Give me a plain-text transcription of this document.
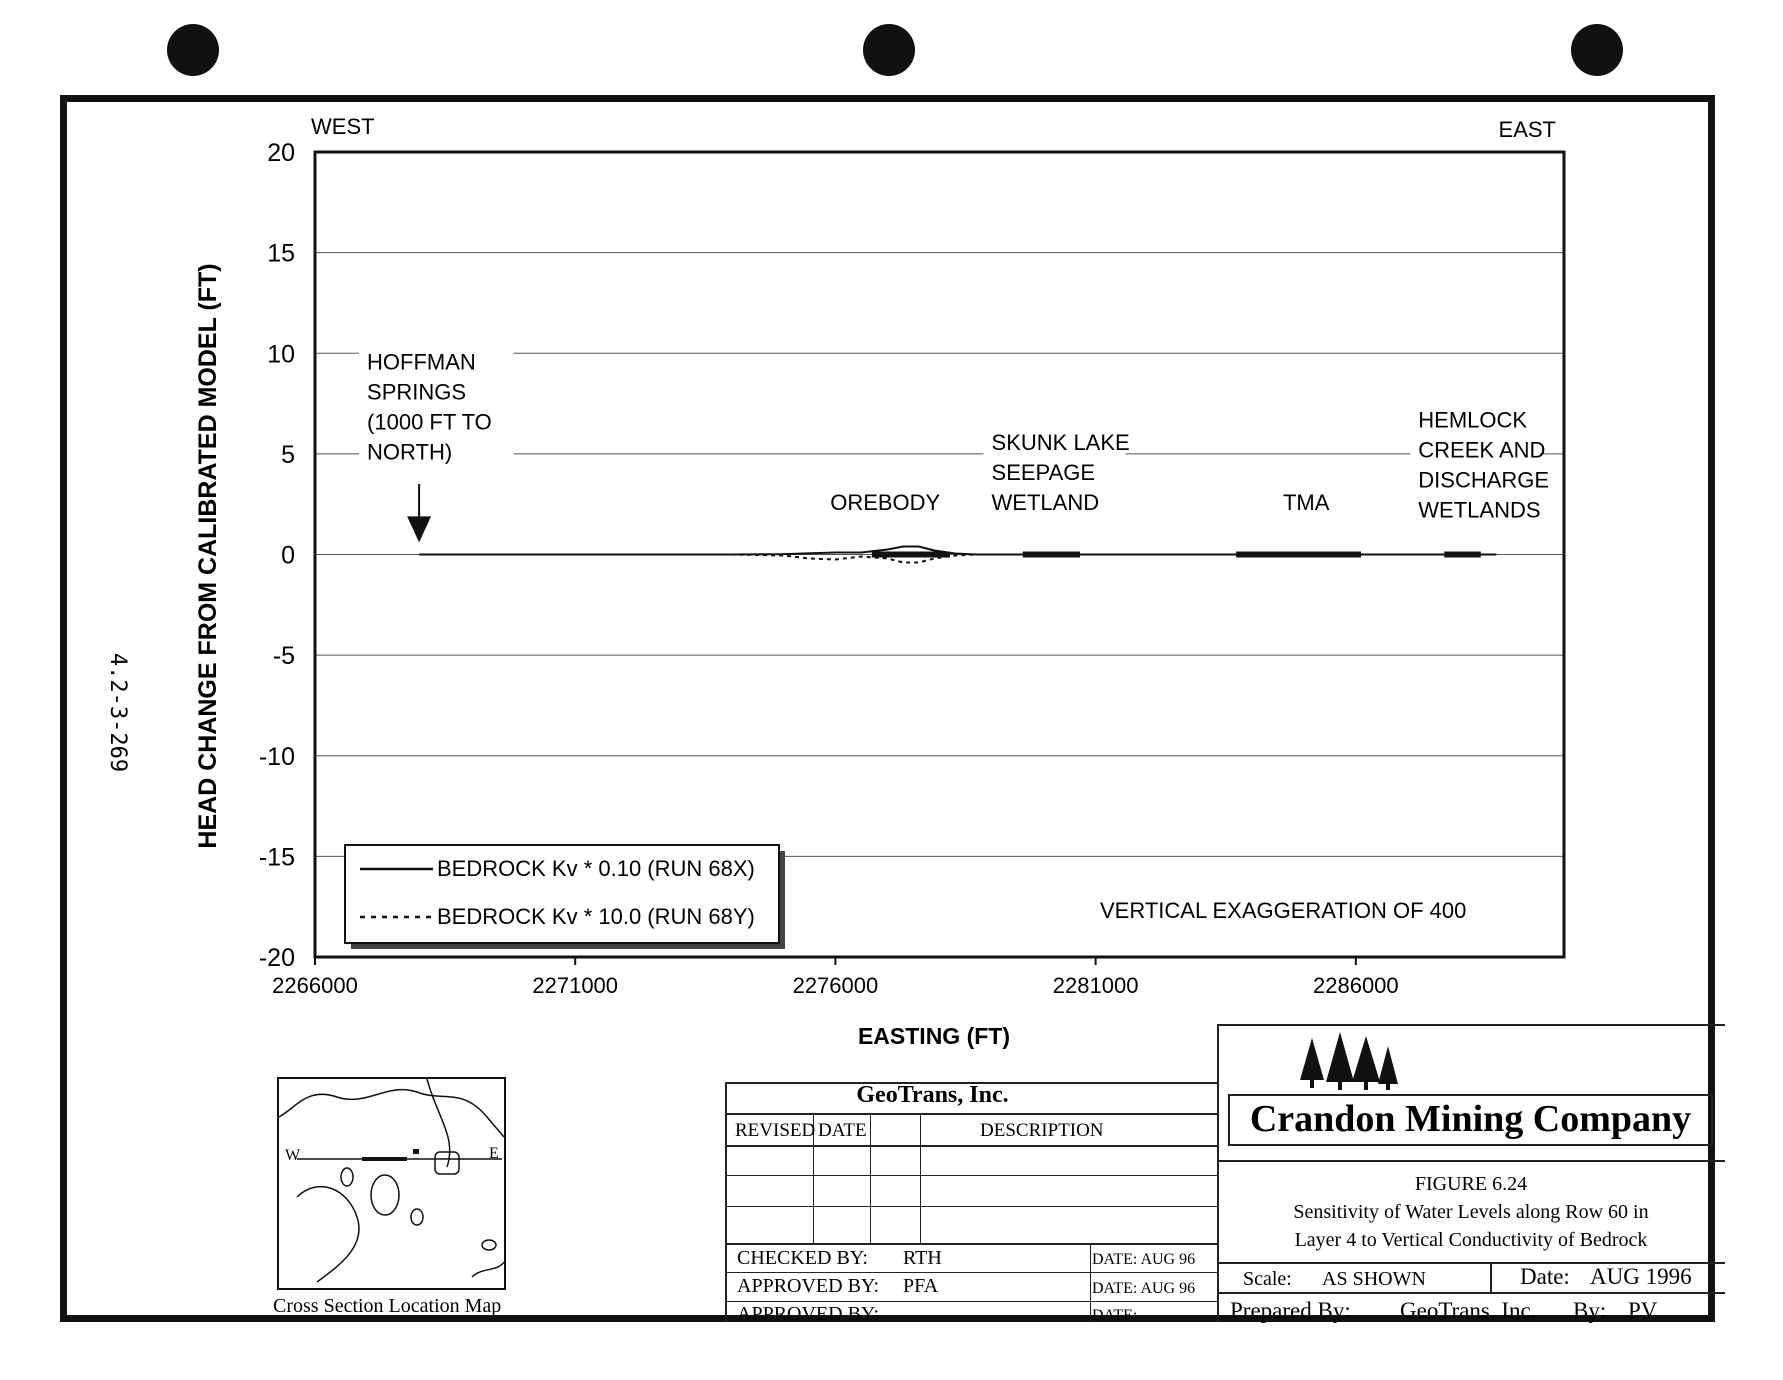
4.2-3-269
WEST	EAST
HEAD CHANGE FROM CALIBRATED MODEL (FT)
EASTING (FT)
20
15
10
5
0
-5
-10
-15
-20
2266000	2271000	2276000	2281000	2286000
HOFFMAN
SPRINGS
(1000 FT TO
NORTH)
OREBODY
SKUNK LAKE
SEEPAGE
WETLAND	TMA
HEMLOCK
CREEK AND
DISCHARGE
WETLANDS
BEDROCK Kv * 0.10 (RUN 68X)
BEDROCK Kv * 10.0 (RUN 68Y)	VERTICAL EXAGGERATION OF 400
W	E
Cross Section Location Map
GeoTrans, Inc.
REVISED DATE	DESCRIPTION
CHECKED BY: RTH	DATE: AUG 96
APPROVED BY: PFA	DATE: AUG 96
APPROVED BY:	DATE:
Crandon Mining Company
FIGURE 6.24
Sensitivity of Water Levels along Row 60 in
Layer 4 to Vertical Conductivity of Bedrock
Scale: AS SHOWN	Date: AUG 1996
Prepared By: GeoTrans, Inc. By: PV
